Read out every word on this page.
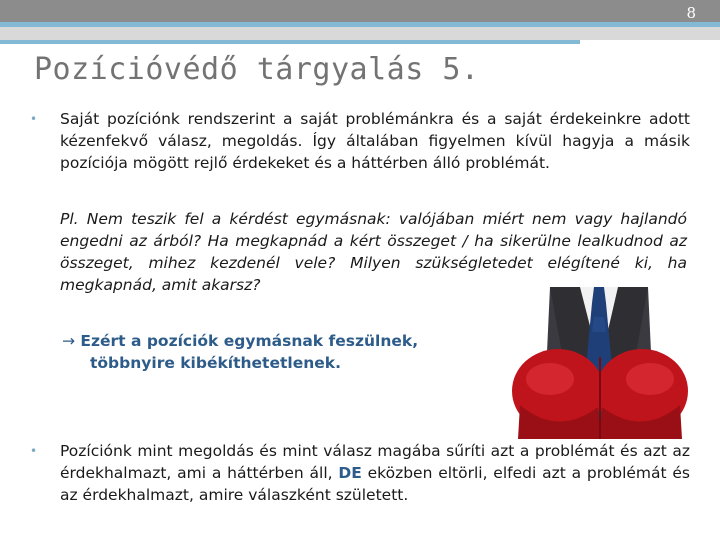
8
Pozícióvédő tárgyalás 5.
•	Saját pozíciónk rendszerint a saját problémánkra és a saját érdekeinkre adott kézenfekvő válasz, megoldás. Így általában figyelmen kívül hagyja a másik pozíciója mögött rejlő érdekeket és a háttérben álló problémát.
Pl. Nem teszik fel a kérdést egymásnak: valójában miért nem vagy hajlandó engedni az árból? Ha megkapnád a kért összeget / ha sikerülne lealkudnod az összeget, mihez kezdenél vele? Milyen szükségletedet elégítené ki, ha megkapnád, amit akarsz?
→ Ezért a pozíciók egymásnak feszülnek,
többnyire kibékíthetetlenek.
•	Pozíciónk mint megoldás és mint válasz magába sűríti azt a problémát és azt az érdekhalmazt, ami a háttérben áll, DE eközben eltörli, elfedi azt a problémát és az érdekhalmazt, amire válaszként született.
